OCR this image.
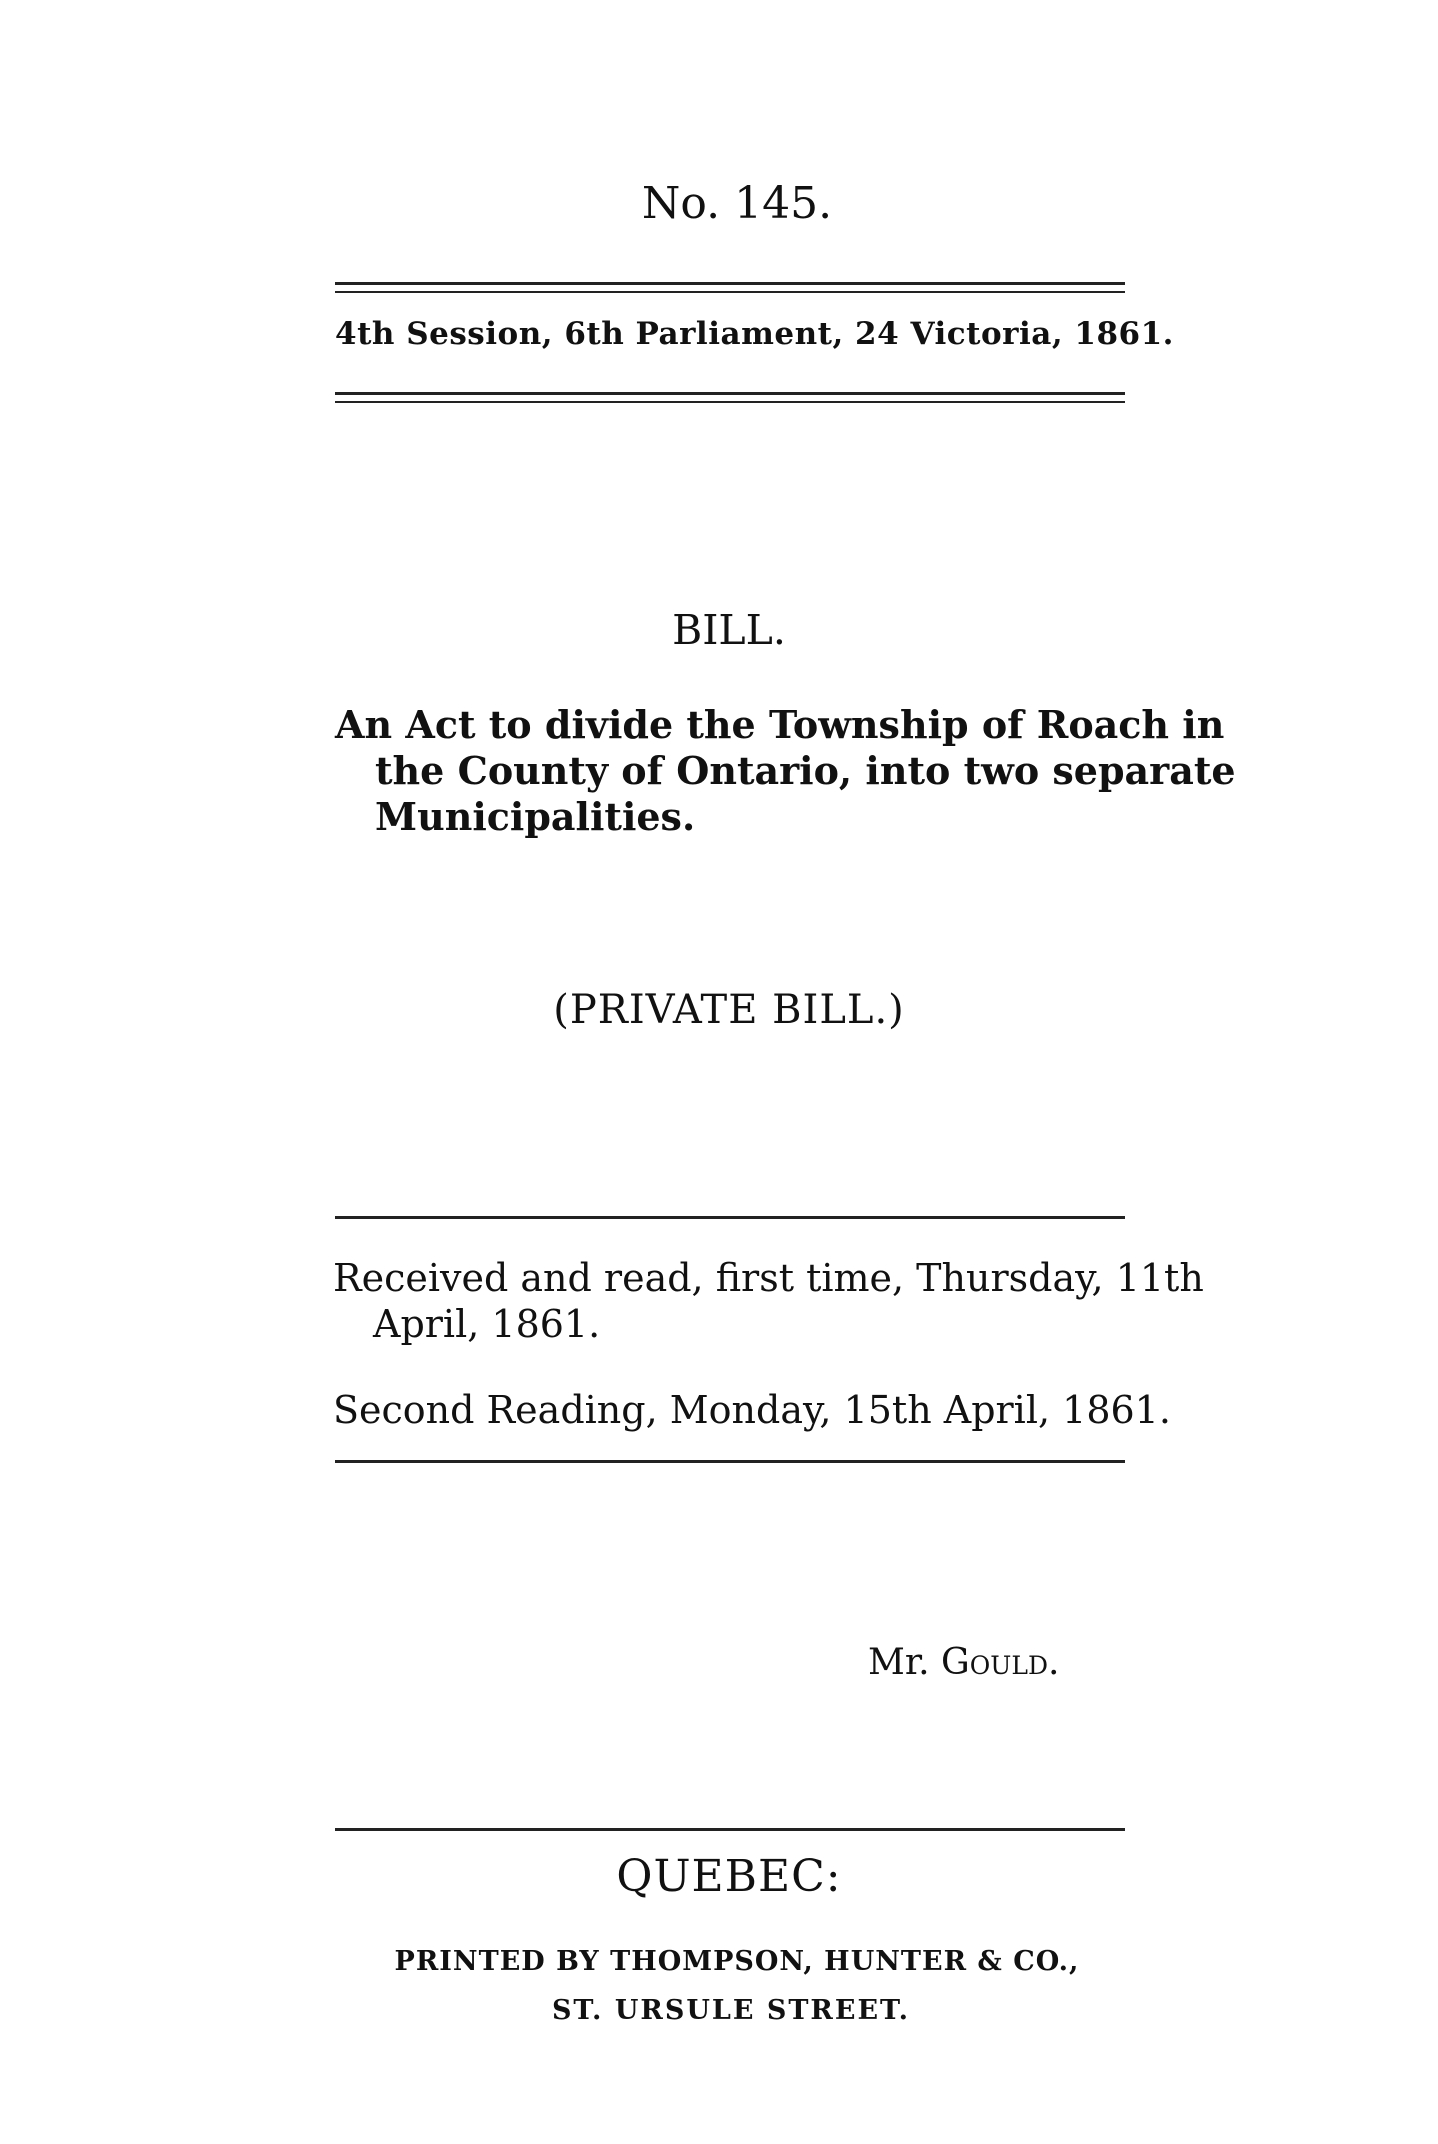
No. 145.
4th Session, 6th Parliament, 24 Victoria, 1861.
BILL.
An Act to divide the Township of Roach in
the County of Ontario, into two separate
Municipalities.
(PRIVATE BILL.)
Received and read, first time, Thursday, 11th
April, 1861.
Second Reading, Monday, 15th April, 1861.
Mr. Gould.
QUEBEC:
PRINTED BY THOMPSON, HUNTER & CO.,
ST. URSULE STREET.
